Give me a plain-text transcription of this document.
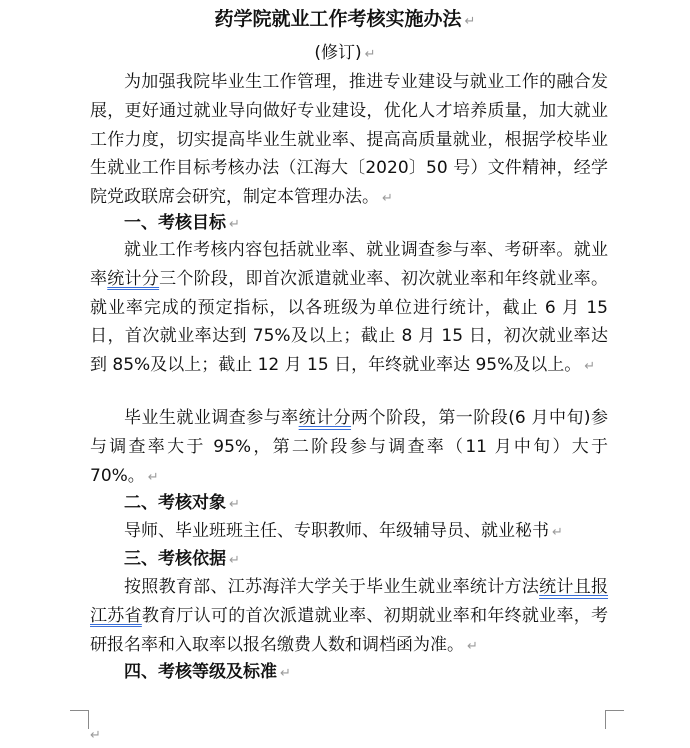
药学院就业工作考核实施办法 ↵
(修订) ↵

为加强我院毕业生工作管理，推进专业建设与就业工作的融合发展，更好通过就业导向做好专业建设，优化人才培养质量，加大就业工作力度，切实提高毕业生就业率、提高高质量就业，根据学校毕业生就业工作目标考核办法（江海大〔2020〕50 号）文件精神，经学院党政联席会研究，制定本管理办法。 ↵

一、考核目标 ↵

就业工作考核内容包括就业率、就业调查参与率、考研率。就业率统计分三个阶段，即首次派遣就业率、初次就业率和年终就业率。就业率完成的预定指标，以各班级为单位进行统计，截止 6 月 15 日，首次就业率达到 75%及以上；截止 8 月 15 日，初次就业率达到 85%及以上；截止 12 月 15 日，年终就业率达 95%及以上。 ↵

毕业生就业调查参与率统计分两个阶段，第一阶段(6 月中旬)参与调查率大于 95%，第二阶段参与调查率（11 月中旬）大于 70%。 ↵

二、考核对象 ↵

导师、毕业班班主任、专职教师、年级辅导员、就业秘书 ↵

三、考核依据 ↵

按照教育部、江苏海洋大学关于毕业生就业率统计方法统计且报江苏省教育厅认可的首次派遣就业率、初期就业率和年终就业率，考研报名率和入取率以报名缴费人数和调档函为准。 ↵

四、考核等级及标准 ↵

↵
